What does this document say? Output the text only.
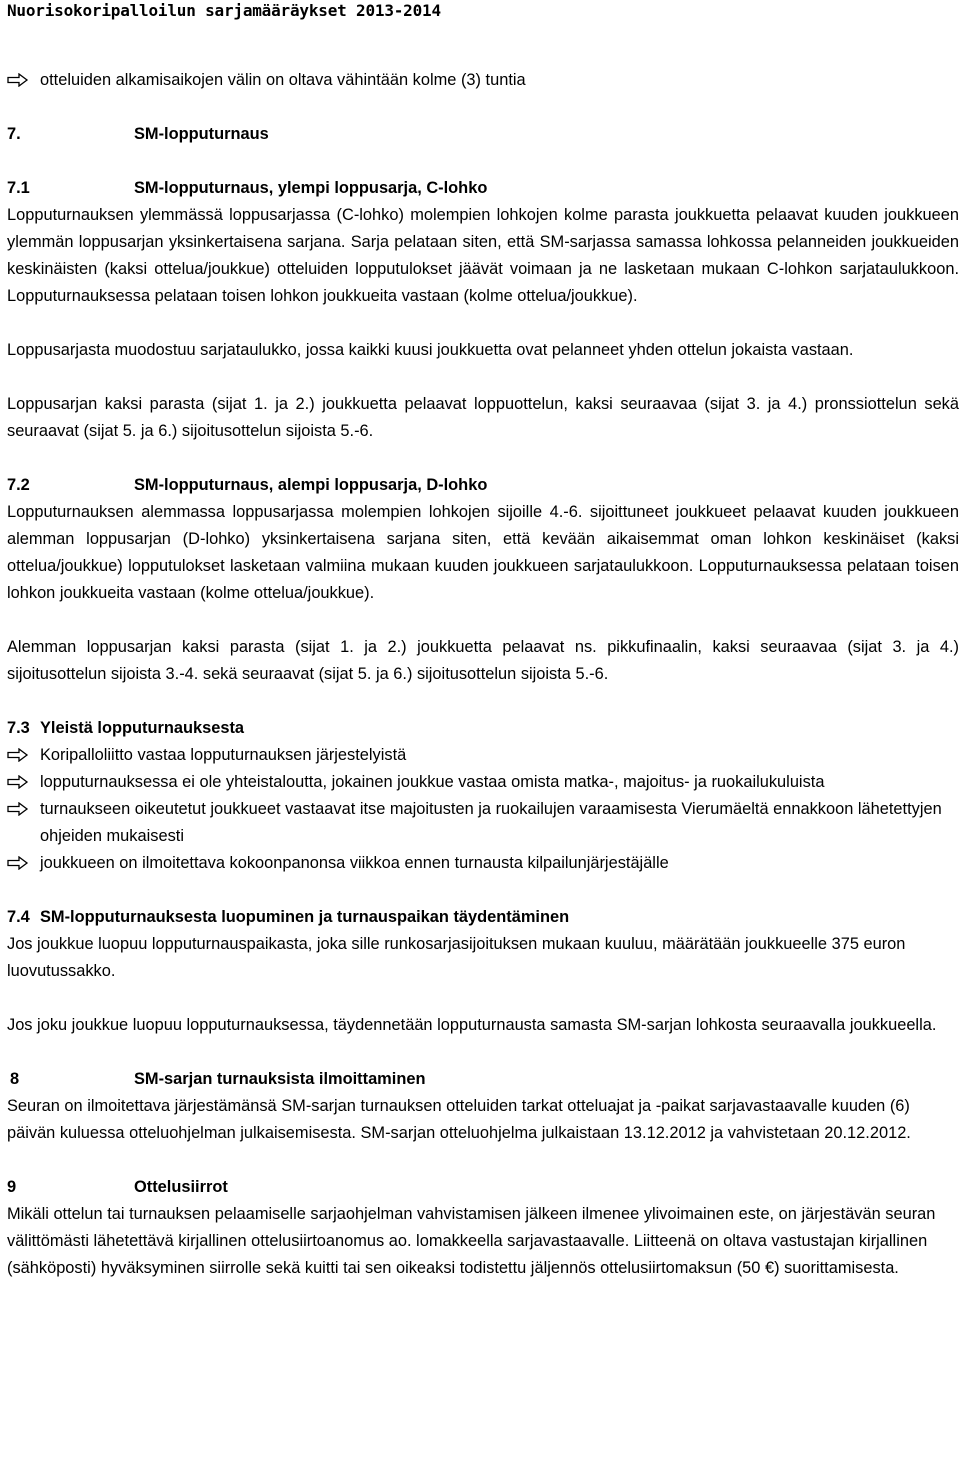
Nuorisokoripalloilun sarjamääräykset 2013-2014
otteluiden alkamisaikojen välin on oltava vähintään kolme (3) tuntia
7.	SM-lopputurnaus
7.1	SM-lopputurnaus, ylempi loppusarja, C-lohko

Lopputurnauksen ylemmässä loppusarjassa (C-lohko) molempien lohkojen kolme parasta joukkuetta pelaavat kuuden joukkueen ylemmän loppusarjan yksinkertaisena sarjana. Sarja pelataan siten, että SM-sarjassa samassa lohkossa pelanneiden joukkueiden keskinäisten (kaksi ottelua/joukkue) otteluiden lopputulokset jäävät voimaan ja ne lasketaan mukaan C-lohkon sarjataulukkoon. Lopputurnauksessa pelataan toisen lohkon joukkueita vastaan (kolme ottelua/joukkue).

Loppusarjasta muodostuu sarjataulukko, jossa kaikki kuusi joukkuetta ovat pelanneet yhden ottelun jokaista vastaan.

Loppusarjan kaksi parasta (sijat 1. ja 2.) joukkuetta pelaavat loppuottelun, kaksi seuraavaa (sijat 3. ja 4.) pronssiottelun sekä seuraavat (sijat 5. ja 6.) sijoitusottelun sijoista 5.-6.

7.2	SM-lopputurnaus, alempi loppusarja, D-lohko

Lopputurnauksen alemmassa loppusarjassa molempien lohkojen sijoille 4.-6. sijoittuneet joukkueet pelaavat kuuden joukkueen alemman loppusarjan (D-lohko) yksinkertaisena sarjana siten, että kevään aikaisemmat oman lohkon keskinäiset (kaksi ottelua/joukkue) lopputulokset lasketaan valmiina mukaan kuuden joukkueen sarjataulukkoon. Lopputurnauksessa pelataan toisen lohkon joukkueita vastaan (kolme ottelua/joukkue).

Alemman loppusarjan kaksi parasta (sijat 1. ja 2.) joukkuetta pelaavat ns. pikkufinaalin, kaksi seuraavaa (sijat 3. ja 4.) sijoitusottelun sijoista 3.-4. sekä seuraavat (sijat 5. ja 6.) sijoitusottelun sijoista 5.-6.

7.3 Yleistä lopputurnauksesta
Koripalloliitto vastaa lopputurnauksen järjestelyistä
lopputurnauksessa ei ole yhteistaloutta, jokainen joukkue vastaa omista matka-, majoitus- ja ruokailukuluista
turnaukseen oikeutetut joukkueet vastaavat itse majoitusten ja ruokailujen varaamisesta Vierumäeltä ennakkoon lähetettyjen ohjeiden mukaisesti
joukkueen on ilmoitettava kokoonpanonsa viikkoa ennen turnausta kilpailunjärjestäjälle
7.4 SM-lopputurnauksesta luopuminen ja turnauspaikan täydentäminen

Jos joukkue luopuu lopputurnauspaikasta, joka sille runkosarjasijoituksen mukaan kuuluu, määrätään joukkueelle 375 euron luovutussakko.

Jos joku joukkue luopuu lopputurnauksessa, täydennetään lopputurnausta samasta SM-sarjan lohkosta seuraavalla joukkueella.

8	SM-sarjan turnauksista ilmoittaminen

Seuran on ilmoitettava järjestämänsä SM-sarjan turnauksen otteluiden tarkat otteluajat ja -paikat sarjavastaavalle kuuden (6) päivän kuluessa otteluohjelman julkaisemisesta. SM-sarjan otteluohjelma julkaistaan 13.12.2012 ja vahvistetaan 20.12.2012.

9	Ottelusiirrot

Mikäli ottelun tai turnauksen pelaamiselle sarjaohjelman vahvistamisen jälkeen ilmenee ylivoimainen este, on järjestävän seuran välittömästi lähetettävä kirjallinen ottelusiirtoanomus ao. lomakkeella sarjavastaavalle. Liitteenä on oltava vastustajan kirjallinen (sähköposti) hyväksyminen siirrolle sekä kuitti tai sen oikeaksi todistettu jäljennös ottelusiirtomaksun (50 €) suorittamisesta.
